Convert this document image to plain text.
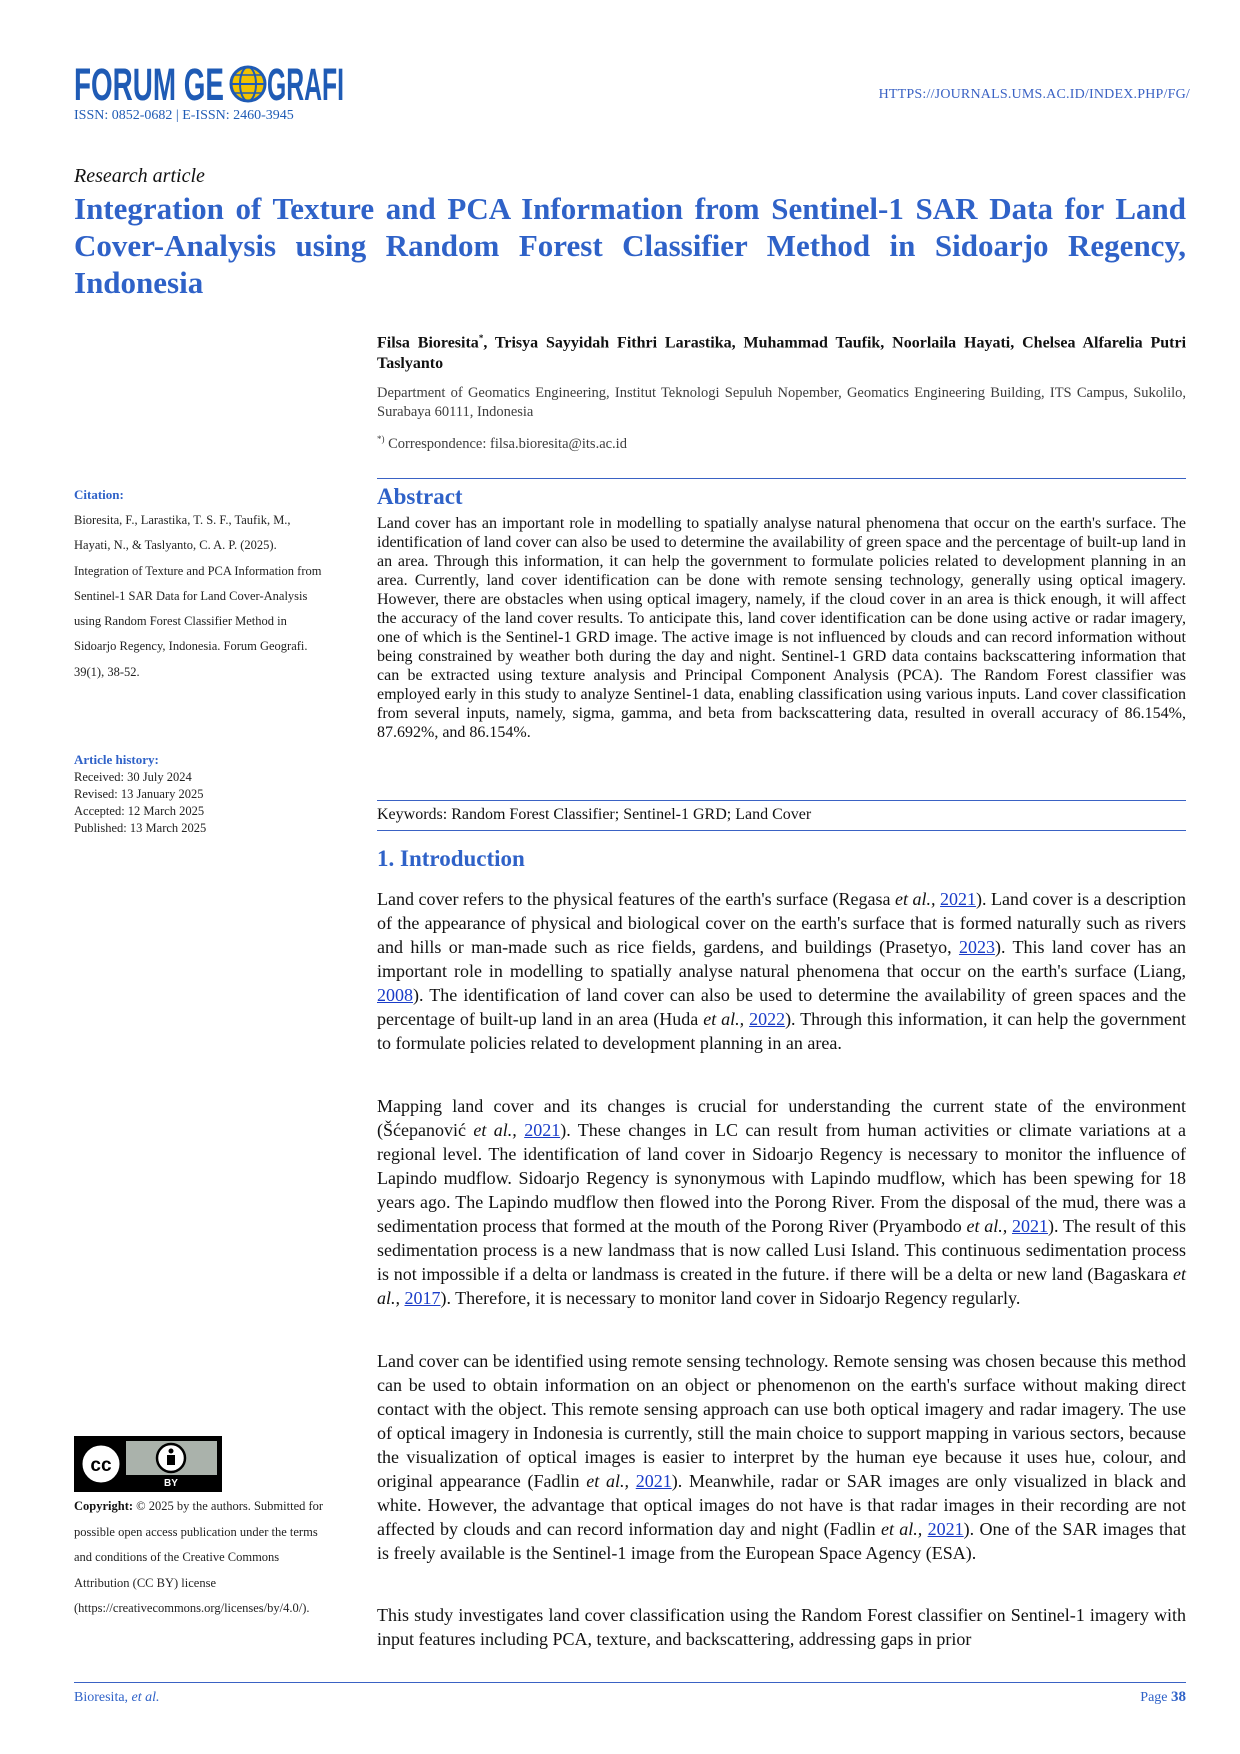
FORUM GE GRAFI
ISSN: 0852-0682 | E-ISSN: 2460-3945
HTTPS://JOURNALS.UMS.AC.ID/INDEX.PHP/FG/
Research article
Integration of Texture and PCA Information from Sentinel-1 SAR Data for Land Cover-Analysis using Random Forest Classifier Method in Sidoarjo Regency, Indonesia

Filsa Bioresita*, Trisya Sayyidah Fithri Larastika, Muhammad Taufik, Noorlaila Hayati, Chelsea Alfarelia Putri Taslyanto

Department of Geomatics Engineering, Institut Teknologi Sepuluh Nopember, Geomatics Engineering Building, ITS Campus, Sukolilo, Surabaya 60111, Indonesia

*) Correspondence: filsa.bioresita@its.ac.id
Citation:

Bioresita, F., Larastika, T. S. F., Taufik, M., Hayati, N., & Taslyanto, C. A. P. (2025). Integration of Texture and PCA Information from Sentinel-1 SAR Data for Land Cover-Analysis using Random Forest Classifier Method in Sidoarjo Regency, Indonesia. Forum Geografi. 39(1), 38-52.

Article history:
Received: 30 July 2024
Revised: 13 January 2025
Accepted: 12 March 2025
Published: 13 March 2025
cc
BY

Copyright: © 2025 by the authors. Submitted for possible open access publication under the terms and conditions of the Creative Commons Attribution (CC BY) license (https://creativecommons.org/licenses/by/4.0/).

Abstract

Land cover has an important role in modelling to spatially analyse natural phenomena that occur on the earth's surface. The identification of land cover can also be used to determine the availability of green space and the percentage of built-up land in an area. Through this information, it can help the government to formulate policies related to development planning in an area. Currently, land cover identification can be done with remote sensing technology, generally using optical imagery. However, there are obstacles when using optical imagery, namely, if the cloud cover in an area is thick enough, it will affect the accuracy of the land cover results. To anticipate this, land cover identification can be done using active or radar imagery, one of which is the Sentinel-1 GRD image. The active image is not influenced by clouds and can record information without being constrained by weather both during the day and night. Sentinel-1 GRD data contains backscattering information that can be extracted using texture analysis and Principal Component Analysis (PCA). The Random Forest classifier was employed early in this study to analyze Sentinel-1 data, enabling classification using various inputs. Land cover classification from several inputs, namely, sigma, gamma, and beta from backscattering data, resulted in overall accuracy of 86.154%, 87.692%, and 86.154%.

Keywords: Random Forest Classifier; Sentinel-1 GRD; Land Cover
1. Introduction

Land cover refers to the physical features of the earth's surface (Regasa et al., 2021). Land cover is a description of the appearance of physical and biological cover on the earth's surface that is formed naturally such as rivers and hills or man-made such as rice fields, gardens, and buildings (Prasetyo, 2023). This land cover has an important role in modelling to spatially analyse natural phenomena that occur on the earth's surface (Liang, 2008). The identification of land cover can also be used to determine the availability of green spaces and the percentage of built-up land in an area (Huda et al., 2022). Through this information, it can help the government to formulate policies related to development planning in an area.

Mapping land cover and its changes is crucial for understanding the current state of the environment (Šćepanović et al., 2021). These changes in LC can result from human activities or climate variations at a regional level. The identification of land cover in Sidoarjo Regency is necessary to monitor the influence of Lapindo mudflow. Sidoarjo Regency is synonymous with Lapindo mudflow, which has been spewing for 18 years ago. The Lapindo mudflow then flowed into the Porong River. From the disposal of the mud, there was a sedimentation process that formed at the mouth of the Porong River (Pryambodo et al., 2021). The result of this sedimentation process is a new landmass that is now called Lusi Island. This continuous sedimentation process is not impossible if a delta or landmass is created in the future. if there will be a delta or new land (Bagaskara et al., 2017). Therefore, it is necessary to monitor land cover in Sidoarjo Regency regularly.

Land cover can be identified using remote sensing technology. Remote sensing was chosen because this method can be used to obtain information on an object or phenomenon on the earth's surface without making direct contact with the object. This remote sensing approach can use both optical imagery and radar imagery. The use of optical imagery in Indonesia is currently, still the main choice to support mapping in various sectors, because the visualization of optical images is easier to interpret by the human eye because it uses hue, colour, and original appearance (Fadlin et al., 2021). Meanwhile, radar or SAR images are only visualized in black and white. However, the advantage that optical images do not have is that radar images in their recording are not affected by clouds and can record information day and night (Fadlin et al., 2021). One of the SAR images that is freely available is the Sentinel-1 image from the European Space Agency (ESA).

This study investigates land cover classification using the Random Forest classifier on Sentinel-1 imagery with input features including PCA, texture, and backscattering, addressing gaps in prior

Bioresita, et al.	Page 38
